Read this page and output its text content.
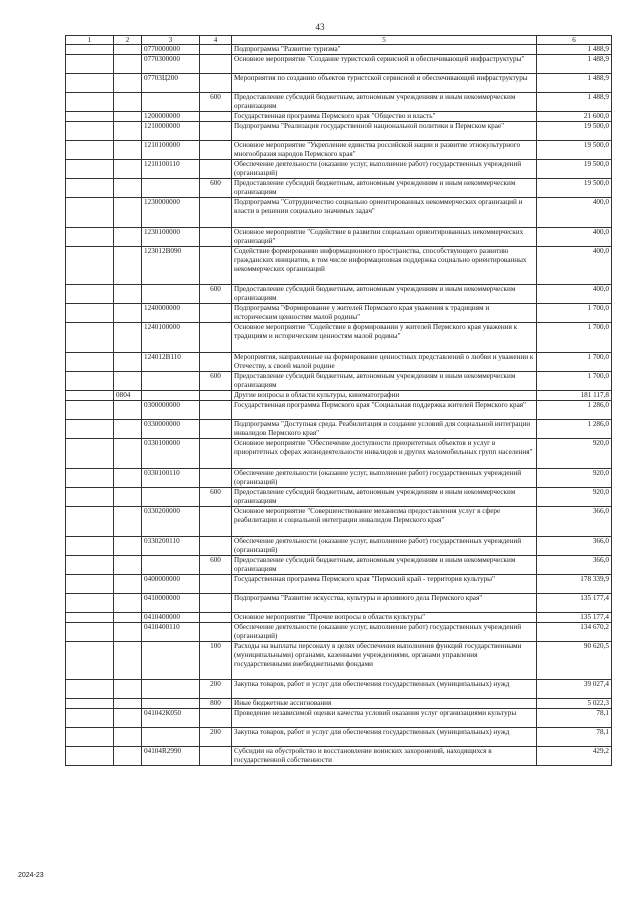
43
1	2	3	4	5	6
		0770000000		Подпрограмма "Развитие туризма"	1 488,9
		0770300000		Основное мероприятие "Создание туристской сервисной и обеспечивающей инфраструктуры"	1 488,9
		07703Ц200		Мероприятия по созданию объектов туристской сервисной и обеспечивающей инфраструктуры	1 488,9
			600	Предоставление субсидий бюджетным, автономным учреждениям и иным некоммерческим организациям	1 488,9
		1200000000		Государственная программа Пермского края "Общество и власть"	21 600,0
		1210000000		Подпрограмма "Реализация государственной национальной политики в Пермском крае"	19 500,0
		1210100000		Основное мероприятие "Укрепление единства российской нации и развитие этнокультурного многообразия народов Пермского края"	19 500,0
		1210100110		Обеспечение деятельности (оказание услуг, выполнение работ) государственных учреждений (организаций)	19 500,0
			600	Предоставление субсидий бюджетным, автономным учреждениям и иным некоммерческим организациям	19 500,0
		1230000000		Подпрограмма "Сотрудничество социально ориентированных некоммерческих организаций и власти в решении социально значимых задач"	400,0
		1230100000		Основное мероприятие "Содействие в развитии социально ориентированных некоммерческих организаций"	400,0
		123012В090		Содействие формированию информационного пространства, способствующего развитию гражданских инициатив, в том числе информационная поддержка социально ориентированных некоммерческих организаций	400,0
			600	Предоставление субсидий бюджетным, автономным учреждениям и иным некоммерческим организациям	400,0
		1240000000		Подпрограмма "Формирование у жителей Пермского края уважения к традициям и историческим ценностям малой родины"	1 700,0
		1240100000		Основное мероприятие "Содействие в формировании у жителей Пермского края уважения к традициям и историческим ценностям малой родины"	1 700,0
		124012В110		Мероприятия, направленные на формирование ценностных представлений о любви и уважении к Отечеству, к своей малой родине	1 700,0
			600	Предоставление субсидий бюджетным, автономным учреждениям и иным некоммерческим организациям	1 700,0
	0804			Другие вопросы в области культуры, кинематографии	181 117,8
		0300000000		Государственная программа Пермского края "Социальная поддержка жителей Пермского края"	1 286,0
		0330000000		Подпрограмма "Доступная среда. Реабилитация и создание условий для социальной интеграции инвалидов Пермского края"	1 286,0
		0330100000		Основное мероприятие "Обеспечение доступности приоритетных объектов и услуг в приоритетных сферах жизнедеятельности инвалидов и других маломобильных групп населения"	920,0
		0330100110		Обеспечение деятельности (оказание услуг, выполнение работ) государственных учреждений (организаций)	920,0
			600	Предоставление субсидий бюджетным, автономным учреждениям и иным некоммерческим организациям	920,0
		0330200000		Основное мероприятие "Совершенствование механизма предоставления услуг в сфере реабилитации и социальной интеграции инвалидов Пермского края"	366,0
		0330200110		Обеспечение деятельности (оказание услуг, выполнение работ) государственных учреждений (организаций)	366,0
			600	Предоставление субсидий бюджетным, автономным учреждениям и иным некоммерческим организациям	366,0
		0400000000		Государственная программа Пермского края "Пермский край - территория культуры"	178 339,9
		0410000000		Подпрограмма "Развитие искусства, культуры и архивного дела Пермского края"	135 177,4
		0410400000		Основное мероприятие "Прочие вопросы в области культуры"	135 177,4
		0410400110		Обеспечение деятельности (оказание услуг, выполнение работ) государственных учреждений (организаций)	134 670,2
			100	Расходы на выплаты персоналу в целях обеспечения выполнения функций государственными (муниципальными) органами, казенными учреждениями, органами управления государственными внебюджетными фондами	90 620,5
			200	Закупка товаров, работ и услуг для обеспечения государственных (муниципальных) нужд	39 027,4
			800	Иные бюджетные ассигнования	5 022,3
		041042К050		Проведение независимой оценки качества условий оказания услуг организациями культуры	78,1
			200	Закупка товаров, работ и услуг для обеспечения государственных (муниципальных) нужд	78,1
		04104R2990		Субсидии на обустройство и восстановление воинских захоронений, находящихся в государственной собственности	429,2
2024-23
